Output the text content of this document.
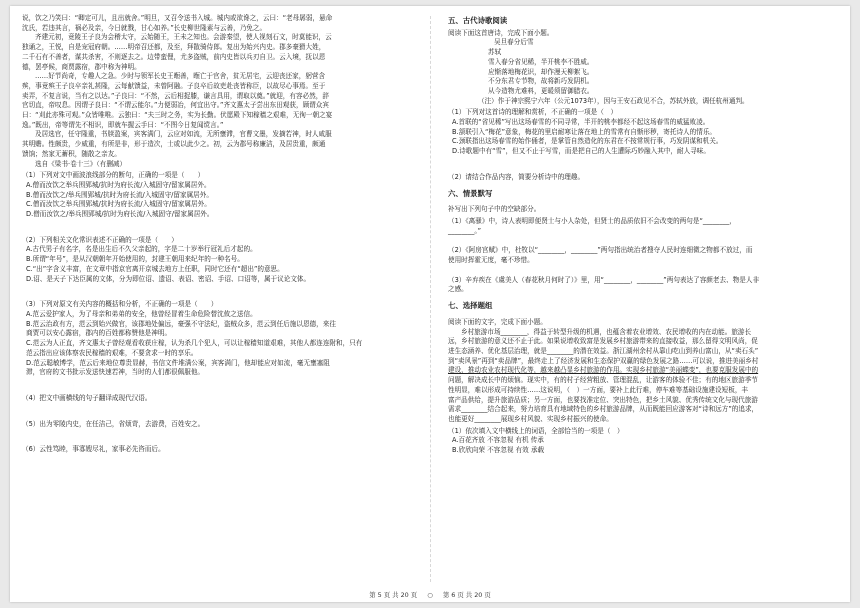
说，饮之乃笑曰：“卿定可儿，且出就舍。”明旦，又召令送书入城。城内或欲谗之，云曰：“老母孱弱，悬命

沈氏，若违其言，祸必及亲，今日就戮，甘心如养。”长史柳世隆素与云善，乃免之。

齐建元初，竟陵王子良为会稽太守，云始随王，王未之知也。会游秦望，使人视刻石文，时莫能识，云

独诵之，王悦，自是宠冠府朝。……明帝召还都，及至，拜散骑侍郎。复出为始兴内史。郡多豪猾大姓，

二千石有不善者，谋共杀害，不则逐去之。边带蛮俚，尤多盗贼，前内史皆以兵刃自卫。云入境，抚以恩

德，罢亭候，商贾露宿，郡中称为神明。

……好节尚奇，专趣人之急。少时与领军长史王暅善，暅亡于官舍，贫无居宅，云迎丧还家，躬营含

殡，事竟殡王子良卒亲礼甚隆，云每献馈益，未曾阿融。子良卒后故吏赴丧皆称臣，以故尽心事焉。至于

卖弄，不复言说，当有之以达。”子良曰：“不然，云后相捉膝，谦言具用，谓取以奠。”就迎，有容必然，辞

官切直，帝叹息。因谓子良曰：“不谓云能尔。”力便弱冶，何宜出守。”齐文惠太子尝出东田观获，顾谓众宾

曰：“刈此亦殊可观。”众皆唯唯。云独曰：“夫三时之务，实为长勤。伏愿殿下知稼穑之艰难，无徇一朝之宴

逸。”既出，帝等谓先不相识，即就车握云手曰：“不图今日复闻谠言。”

及居选官，任守隆重，书牍盈案，宾客满门，云应对如流，无所壅滞，官曹文墨，发摘若神，时人咸服

其明赡。性颇贵，少威重，有所是非，形于造次，士或以此少之。初，云为郡号称廉洁，及居贵重，颇通

馈饷；然家无蓄积，随散之亲友。

选自《梁书·卷十三》（有删减）

（1）下列对文中画波浪线部分的断句，正确的一项是（　　）

A.僧而汝饮之举兵围郢城/抗时为府长流/入城固守/留家属居外。

B.僧而汝饮之/举兵围郢城/抗时为府长流/入城固守/留家属居外。

C.僧而汝饮之举兵围郢城/抗时为府长流/入城固守/留家属居外。

D.僧而汝饮之/举兵围郢城/抗时为府长流/入城固守/留家属居外。

（2）下列相关文化常识表述不正确的一项是（　　）

A.古代男子有名字，名是出生后不久父亲起的，字是二十岁举行冠礼后才起的。

B.所谓“年号”，是从汉朝朝年开始使用的，封建王朝用来纪年的一种名号。

C.“出”字含义丰富，在文章中指京官离开京城去地方上任职，同时它还有“超出”的意思。

D.诏、是天子下达臣属的文体，分为即位诏、遗诏、表诏、密诏、手诏、口诏等，属于议论文体。

（3）下列对原文有关内容的概括和分析，不正确的一项是（　　）

A.范云爱护家人，为了母亲和弟弟的安全，他曾经冒着生命危险替沈攸之送信。

B.范云治政有方，范云到始兴做官，该郡地处偏远，豪强不守法纪，盗贼众多，范云到任后施以恩德，来往

商贾可以安心露宿，郡内的百姓都称赞他是神明。

C.范云为人正直，齐文惠太子曾经观看收获庄稼，认为杀几个犯人，可以让稼穑知道艰难，其他人都连连附和，只有

范云指出应该体察农民稼穑的艰难，不要贪求一时的享乐。

D.范云聪敏博学，范云后来地位尊贵显赫，书信文件堆满公案，宾客满门，他却能应对如流，毫无壅塞阻

滞，官府的文书批示发送快速若神，当时的人们都很佩服他。

（4）把文中画横线的句子翻译成现代汉语。

（5）出为零陵内史，在任洁己，省烦苛，去游费，百姓安之。

（6）云性笃睦，事寡嫂尽礼，家事必先咨而后。

五、古代诗歌阅读

阅读下面这首唐诗，完成下面小题。

吴旦春分后雪

苏轼

雪入春分省见稀，半开桃李不胜威。

应惭落地梅花识，却作漫天柳絮飞。

不分东君专节物，故将新巧发阴机。

从今造物尤难料，更暖须留御腊衣。

（注）作于神宗熙宁六年（公元1073年），因与王安石政见不合，苏轼外放，调任杭州通判。

（1）下列对这首诗的理解和赏析，不正确的一项是（　）

A.首联的“省见稀”写出这场春雪的不同寻常，半开的桃李都经不起这场春雪的威猛败凌。

B.颔联引入“梅花”意象，梅花的里启耐寒让落在地上的雪常有自惭形秽，寄托诗人的情乐。

C.颈联指出这场春雪的始作俑者，是掌管自然造化的东君在不按常规行事，巧发阴谋和机关。

D.诗歌题中有“雪”，但又不止于写雪，而是把自己的人生遭际巧妙融入其中，耐人寻味。

（2）请结合作品内容，简要分析诗中的理趣。

六、情景默写

补写出下列句子中的空缺部分。

（1）《离骚》中，诗人表明即便贤士与小人杂处，但贤士的品质依旧不会改变的两句是“________，

________。”

（2）《阿房宫赋》中，杜牧以“________，________”两句指出统治者搜夺人民时连细微之物都不放过，而

使用时挥霍无度，毫不珍惜。

（3）辛弃疾在《虞美人（春花秋月何时了）》里，用“________，________”两句表达了容颜老去、物是人非

之感。

七、选择题组

阅读下面的文字，完成下面小题。

乡村旅游市场________，得益于转型升级的机遇，也蕴含着农业增效、农民增收的内在动能。旅游长

远，乡村旅游的意义还不止于此。如果说增收致富是发展乡村旅游带来的直接收益，那么留得文明风尚，促

进生态涵养、优化基层治理，就是________的潜在效益。浙江湖州余村从靠山吃山到养山富山，从“卖石头”

到“卖风景”再到“卖品牌”，最终走上了经济发展和生态保护双赢的绿色发展之路……可以说，推进美丽乡村

建设，推动农业农村现代化等，越来越凸显乡村旅游的作用。实现乡村旅游“美丽蝶变”，也要克服发展中的

问题，解决成长中的烦恼。现实中，有的村子经营粗放、管理混乱，让游客的体验不佳；有的地区旅游季节

性明显，难以形成可持续性……这说明，（　）一方面，要补上此行难，停车难等基础设施建设短板，丰

富产品供给，提升旅游品质；另一方面，也要找准定位、突出特色，把乡土风貌、优秀传统文化与现代旅游

需求________结合起来，努力培育具有地域特色的乡村旅游品牌，从而既能回应游客对“诗和远方”的追求，

也能更好________展现乡村风貌、实现乡村振兴的使命。

（1）依次填入文中横线上的词语，全部恰当的一项是（　）

A.百花齐放 不容忽视 有机 传承

B.欣欣向荣 不容忽视 有效 承载

第 5 页 共 20 页 ○ 第 6 页 共 20 页
